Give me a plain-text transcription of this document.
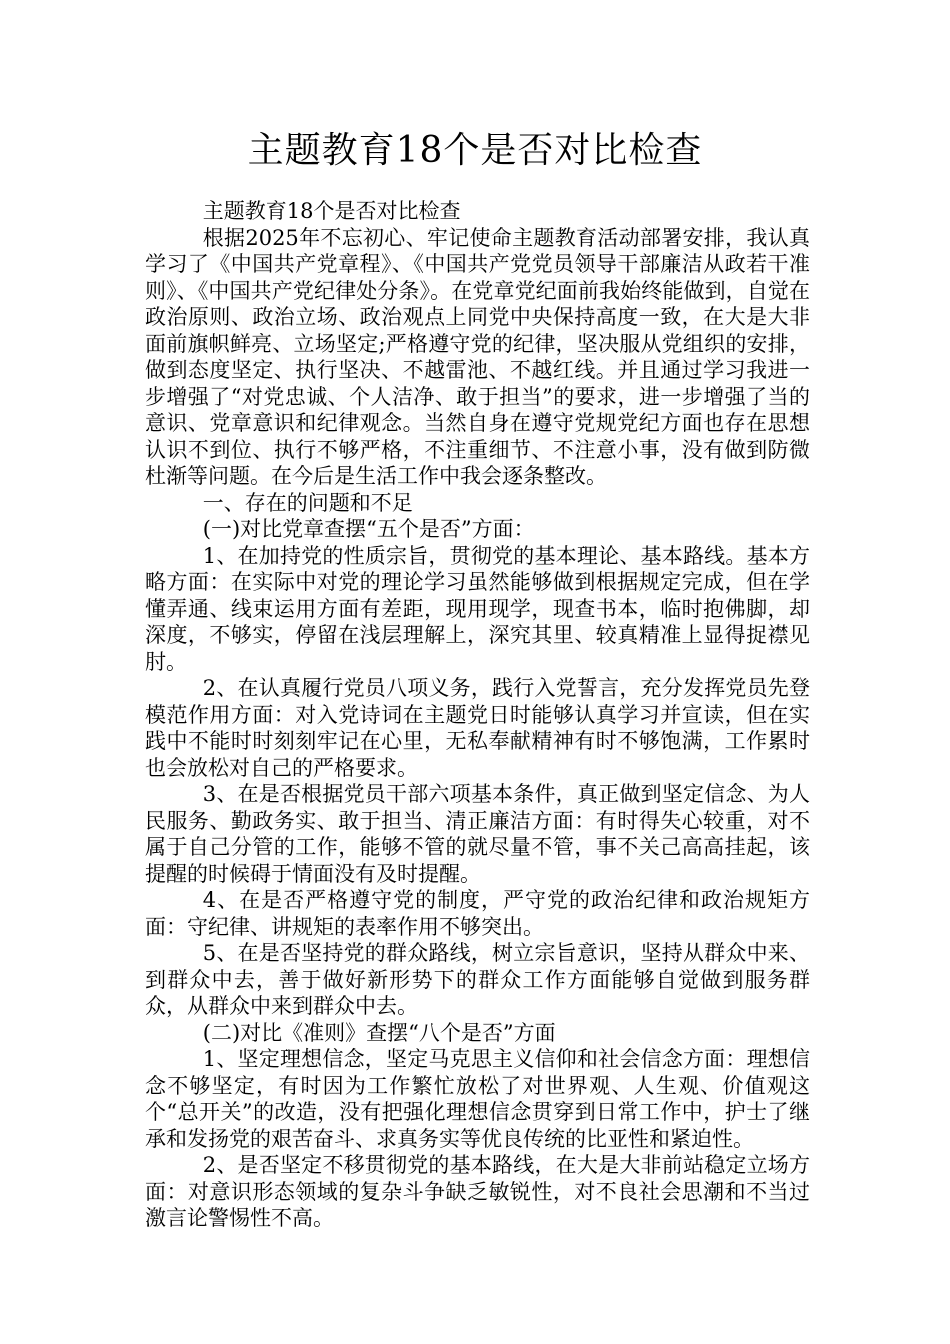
主题教育18个是否对比检查

主题教育18个是否对比检查

根据2025年不忘初心、牢记使命主题教育活动部署安排，我认真学习了《中国共产党章程》、《中国共产党党员领导干部廉洁从政若干准则》、《中国共产党纪律处分条》。在党章党纪面前我始终能做到，自觉在政治原则、政治立场、政治观点上同党中央保持高度一致，在大是大非面前旗帜鲜亮、立场坚定;严格遵守党的纪律，坚决服从党组织的安排，做到态度坚定、执行坚决、不越雷池、不越红线。并且通过学习我进一步增强了“对党忠诚、个人洁净、敢于担当”的要求，进一步增强了当的意识、党章意识和纪律观念。当然自身在遵守党规党纪方面也存在思想认识不到位、执行不够严格，不注重细节、不注意小事，没有做到防微杜渐等问题。在今后是生活工作中我会逐条整改。

一、存在的问题和不足

(一)对比党章查摆“五个是否”方面：

1、在加持党的性质宗旨，贯彻党的基本理论、基本路线。基本方略方面：在实际中对党的理论学习虽然能够做到根据规定完成，但在学懂弄通、线束运用方面有差距，现用现学，现查书本，临时抱佛脚，却深度，不够实，停留在浅层理解上，深究其里、较真精准上显得捉襟见肘。

2、在认真履行党员八项义务，践行入党誓言，充分发挥党员先登模范作用方面：对入党诗词在主题党日时能够认真学习并宣读，但在实践中不能时时刻刻牢记在心里，无私奉献精神有时不够饱满，工作累时也会放松对自己的严格要求。

3、在是否根据党员干部六项基本条件，真正做到坚定信念、为人民服务、勤政务实、敢于担当、清正廉洁方面：有时得失心较重，对不属于自己分管的工作，能够不管的就尽量不管，事不关己高高挂起，该提醒的时候碍于情面没有及时提醒。

4、在是否严格遵守党的制度，严守党的政治纪律和政治规矩方面：守纪律、讲规矩的表率作用不够突出。

5、在是否坚持党的群众路线，树立宗旨意识，坚持从群众中来、到群众中去，善于做好新形势下的群众工作方面能够自觉做到服务群众，从群众中来到群众中去。

(二)对比《准则》查摆“八个是否”方面

1、坚定理想信念，坚定马克思主义信仰和社会信念方面：理想信念不够坚定，有时因为工作繁忙放松了对世界观、人生观、价值观这个“总开关”的改造，没有把强化理想信念贯穿到日常工作中，护士了继承和发扬党的艰苦奋斗、求真务实等优良传统的比亚性和紧迫性。

2、是否坚定不移贯彻党的基本路线，在大是大非前站稳定立场方面：对意识形态领域的复杂斗争缺乏敏锐性，对不良社会思潮和不当过激言论警惕性不高。
